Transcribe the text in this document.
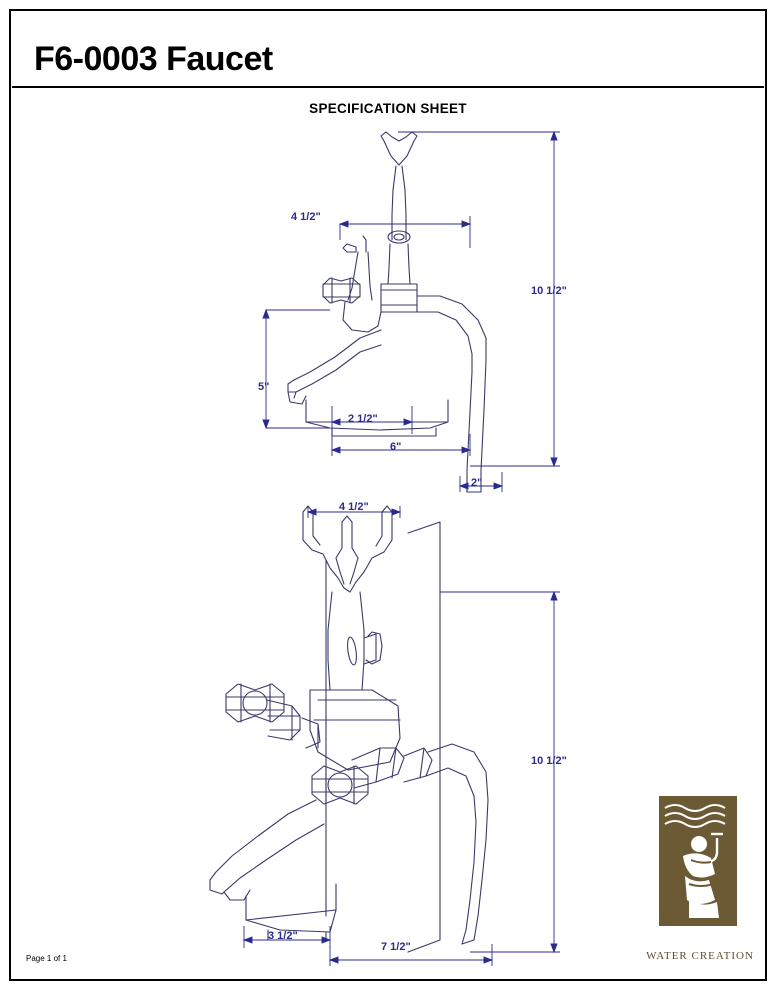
F6-0003 Faucet
SPECIFICATION SHEET
4 1/2"
10 1/2"
5"
2 1/2"
6"
2"
4 1/2"
10 1/2"
3 1/2"
7 1/2"
WATER CREATION
Page 1 of 1
